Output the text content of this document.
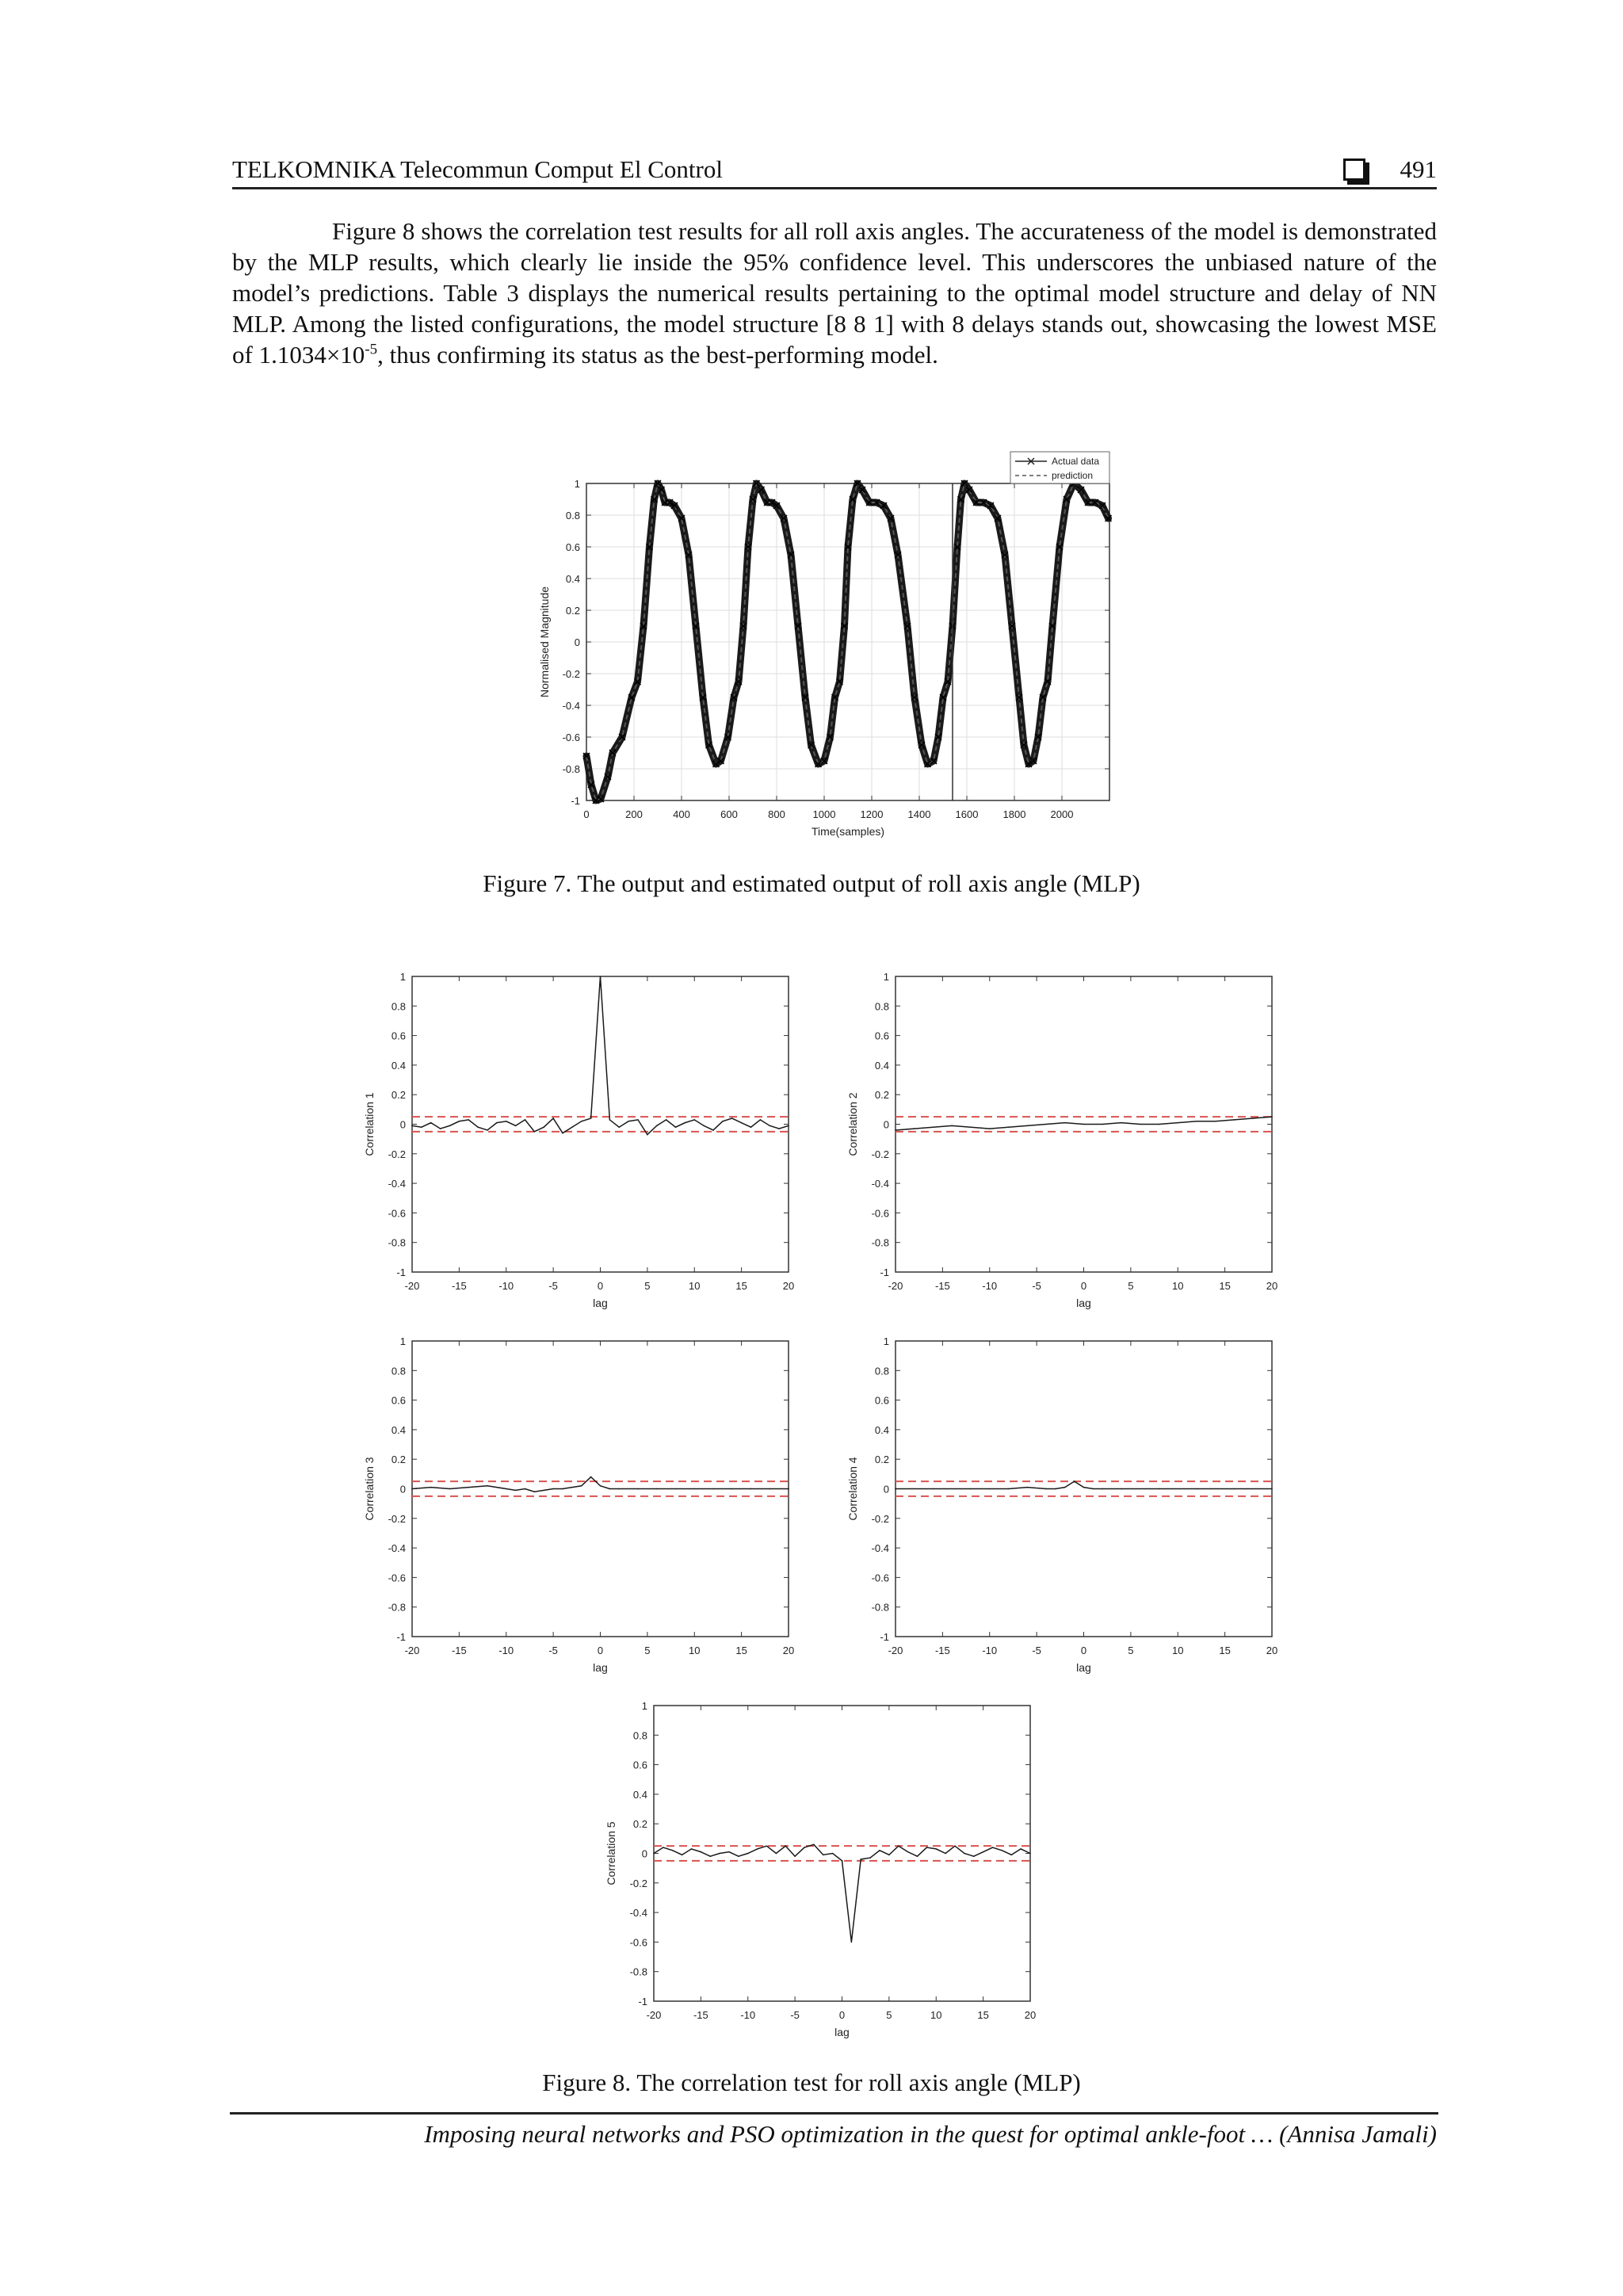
TELKOMNIKA Telecommun Comput El Control	491
Figure 8 shows the correlation test results for all roll axis angles. The accurateness of the model is demonstrated by the MLP results, which clearly lie inside the 95% confidence level. This underscores the unbiased nature of the model’s predictions. Table 3 displays the numerical results pertaining to the optimal model structure and delay of NN MLP. Among the listed configurations, the model structure [8 8 1] with 8 delays stands out, showcasing the lowest MSE of $1.1034\times 10^{-5}$, thus confirming its status as the best-performing model.
0	200	400	600	800	1000 1200 1400 1600 1800 2000
-1
-0.8
-0.6
-0.4
-0.2
0
0.2
0.4
0.6
0.8
1
Time(samples)
Normalised Magnitude
Actual data
prediction
Figure 7. The output and estimated output of roll axis angle (MLP)
-20	-15	-10	-5	0	5	10	15	20
-1
-0.8
-0.6
-0.4
-0.2
0
0.2
0.4
0.6
0.8
1
lag
Correlation 1
-20	-15	-10	-5	0	5	10	15	20
-1
-0.8
-0.6
-0.4
-0.2
0
0.2
0.4
0.6
0.8
1
lag
Correlation 2
-20	-15	-10	-5	0	5	10	15	20
-1
-0.8
-0.6
-0.4
-0.2
0
0.2
0.4
0.6
0.8
1
lag
Correlation 3
-20	-15	-10	-5	0	5	10	15	20
-1
-0.8
-0.6
-0.4
-0.2
0
0.2
0.4
0.6
0.8
1
lag
Correlation 4
-20	-15	-10	-5	0	5	10	15	20
-1
-0.8
-0.6
-0.4
-0.2
0
0.2
0.4
0.6
0.8
1
lag
Correlation 5
Figure 8. The correlation test for roll axis angle (MLP)
Imposing neural networks and PSO optimization in the quest for optimal ankle-foot … (Annisa Jamali)
